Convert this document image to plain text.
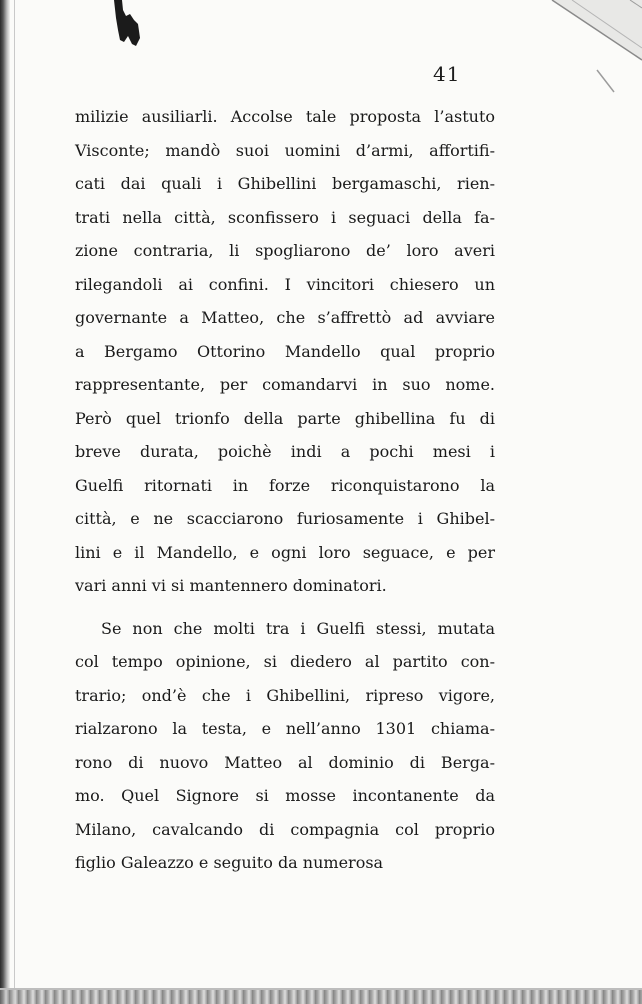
41
milizie ausiliarli. Accolse tale proposta l’astuto
Visconte; mandò suoi uomini d’armi, affortifi-
cati dai quali i Ghibellini bergamaschi, rien-
trati nella città, sconfissero i seguaci della fa-
zione contraria, li spogliarono de’ loro averi
rilegandoli ai confini. I vincitori chiesero un
governante a Matteo, che s’affrettò ad avviare
a Bergamo Ottorino Mandello qual proprio
rappresentante, per comandarvi in suo nome.
Però quel trionfo della parte ghibellina fu di
breve durata, poichè indi a pochi mesi i
Guelfi ritornati in forze riconquistarono la
città, e ne scacciarono furiosamente i Ghibel-
lini e il Mandello, e ogni loro seguace, e per
vari anni vi si mantennero dominatori.
Se non che molti tra i Guelfi stessi, mutata
col tempo opinione, si diedero al partito con-
trario; ond’è che i Ghibellini, ripreso vigore,
rialzarono la testa, e nell’anno 1301 chiama-
rono di nuovo Matteo al dominio di Berga-
mo. Quel Signore si mosse incontanente da
Milano, cavalcando di compagnia col proprio
figlio Galeazzo e seguito da numerosa
